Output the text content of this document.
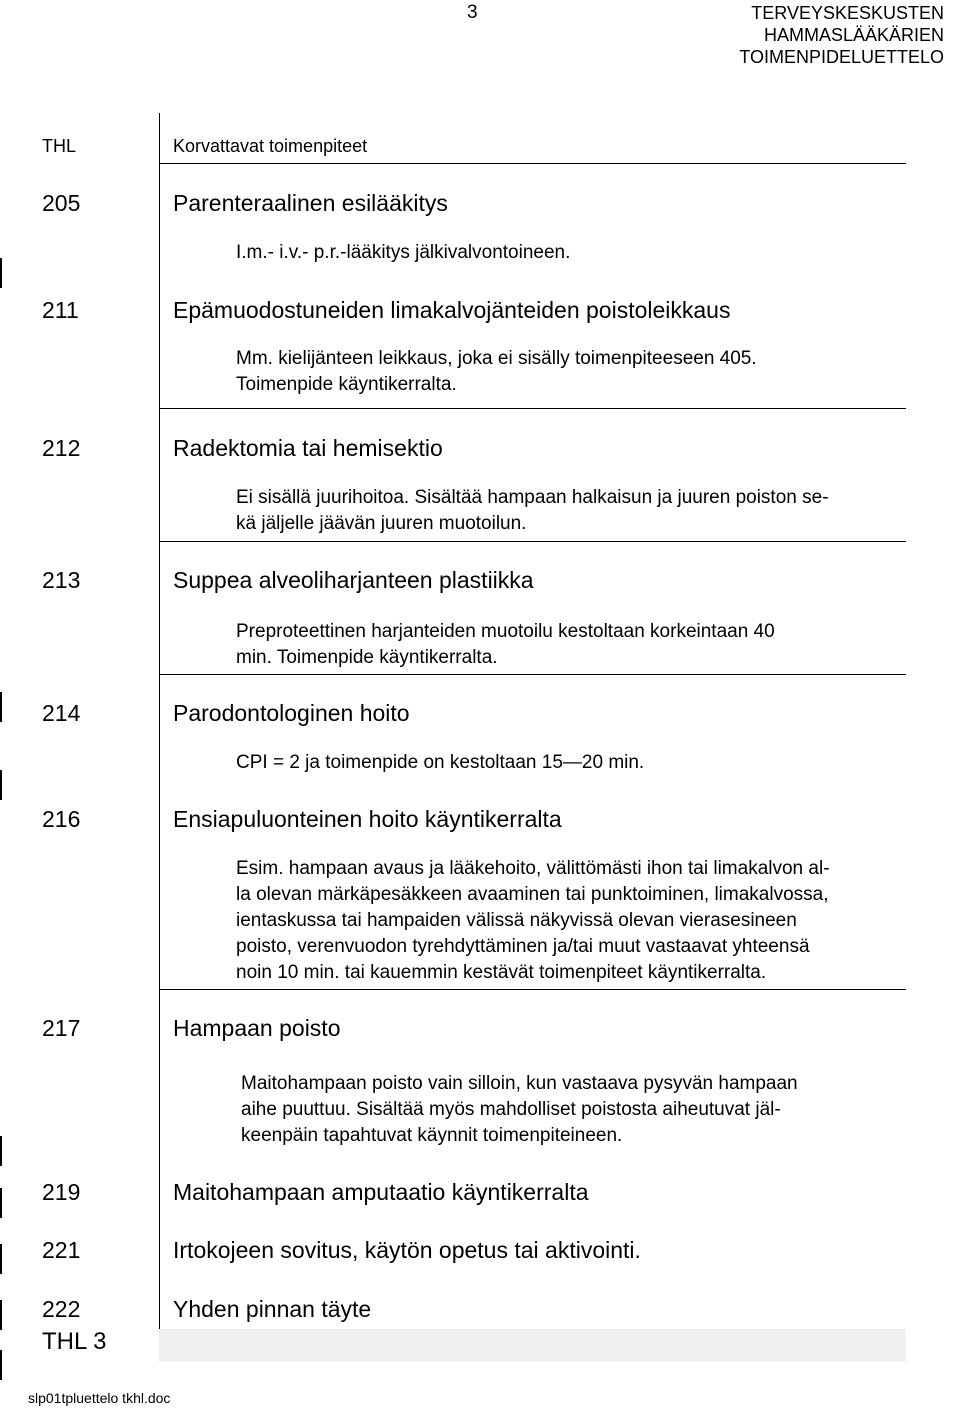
3	TERVEYSKESKUSTEN
HAMMASLÄÄKÄRIEN
TOIMENPIDELUETTELO
THL	Korvattavat toimenpiteet
205	Parenteraalinen esilääkitys
I.m.- i.v.- p.r.-lääkitys jälkivalvontoineen.
211	Epämuodostuneiden limakalvojänteiden poistoleikkaus
Mm. kielijänteen leikkaus, joka ei sisälly toimenpiteeseen 405.
Toimenpide käyntikerralta.
212	Radektomia tai hemisektio
Ei sisällä juurihoitoa. Sisältää hampaan halkaisun ja juuren poiston se-
kä jäljelle jäävän juuren muotoilun.
213	Suppea alveoliharjanteen plastiikka
Preproteettinen harjanteiden muotoilu kestoltaan korkeintaan 40
min. Toimenpide käyntikerralta.
214	Parodontologinen hoito
CPI = 2 ja toimenpide on kestoltaan 15—20 min.
216	Ensiapuluonteinen hoito käyntikerralta
Esim. hampaan avaus ja lääkehoito, välittömästi ihon tai limakalvon al-
la olevan märkäpesäkkeen avaaminen tai punktoiminen, limakalvossa,
ientaskussa tai hampaiden välissä näkyvissä olevan vierasesineen
poisto, verenvuodon tyrehdyttäminen ja/tai muut vastaavat yhteensä
noin 10 min. tai kauemmin kestävät toimenpiteet käyntikerralta.
217	Hampaan poisto
Maitohampaan poisto vain silloin, kun vastaava pysyvän hampaan
aihe puuttuu. Sisältää myös mahdolliset poistosta aiheutuvat jäl-
keenpäin tapahtuvat käynnit toimenpiteineen.
219	Maitohampaan amputaatio käyntikerralta
221	Irtokojeen sovitus, käytön opetus tai aktivointi.
222	Yhden pinnan täyte
THL 3
slp01tpluettelo tkhl.doc
